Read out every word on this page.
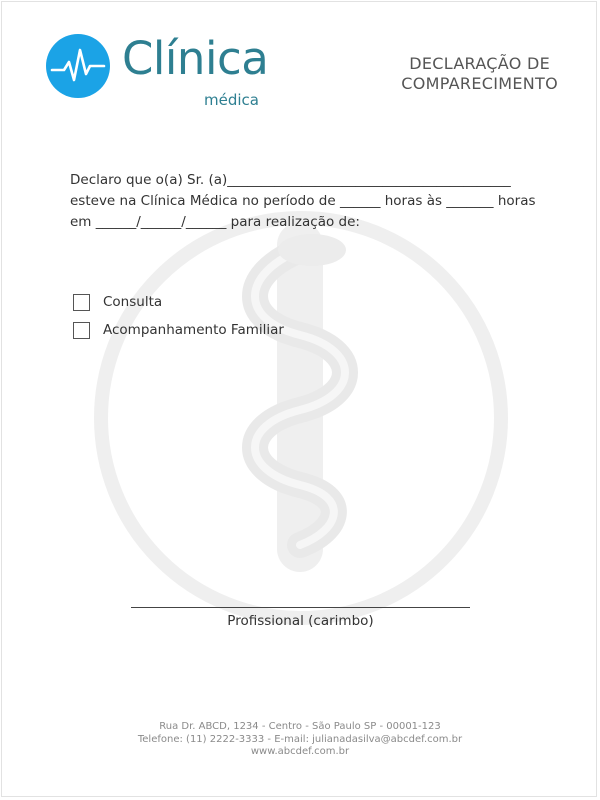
Clínica
médica
DECLARAÇÃO DE
COMPARECIMENTO
Declaro que o(a) Sr. (a)__________________________________________
esteve na Clínica Médica no período de ______ horas às _______ horas
em ______/______/______ para realização de:
Consulta
Acompanhamento Familiar
Profissional (carimbo)
Rua Dr. ABCD, 1234 - Centro - São Paulo SP - 00001-123
Telefone: (11) 2222-3333 - E-mail: julianadasilva@abcdef.com.br
www.abcdef.com.br
